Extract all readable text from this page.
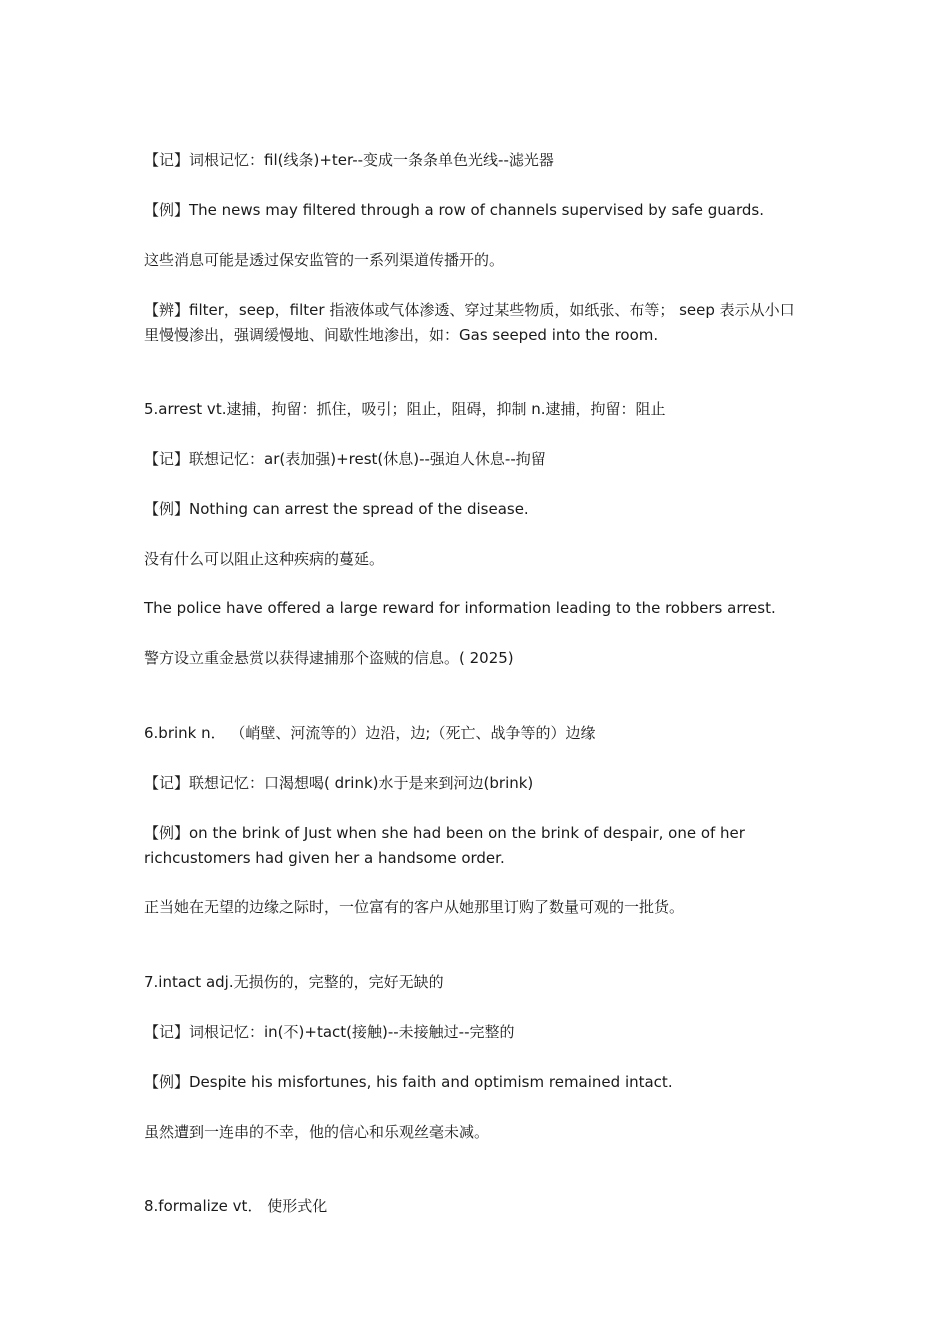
【记】词根记忆：fil(线条)+ter--变成一条条单色光线--滤光器
【例】The news may filtered through a row of channels supervised by safe guards.
这些消息可能是透过保安监管的一系列渠道传播开的。
【辨】filter，seep，filter 指液体或气体渗透、穿过某些物质，如纸张、布等； seep 表示从小口里慢慢渗出，强调缓慢地、间歇性地渗出，如：Gas seeped into the room.
5.arrest vt.逮捕，拘留：抓住，吸引；阻止，阻碍，抑制 n.逮捕，拘留：阻止
【记】联想记忆：ar(表加强)+rest(休息)--强迫人休息--拘留
【例】Nothing can arrest the spread of the disease.
没有什么可以阻止这种疾病的蔓延。
The police have offered a large reward for information leading to the robbers arrest.
警方设立重金悬赏以获得逮捕那个盗贼的信息。( 2025)
6.brink n． （峭壁、河流等的）边沿，边;（死亡、战争等的）边缘
【记】联想记忆：口渴想喝( drink)水于是来到河边(brink)
【例】on the brink of Just when she had been on the brink of despair, one of her richcustomers had given her a handsome order.
正当她在无望的边缘之际时，一位富有的客户从她那里订购了数量可观的一批货。
7.intact adj.无损伤的，完整的，完好无缺的
【记】词根记忆：in(不)+tact(接触)--未接触过--完整的
【例】Despite his misfortunes, his faith and optimism remained intact.
虽然遭到一连串的不幸，他的信心和乐观丝毫未减。
8.formalize vt． 使形式化
